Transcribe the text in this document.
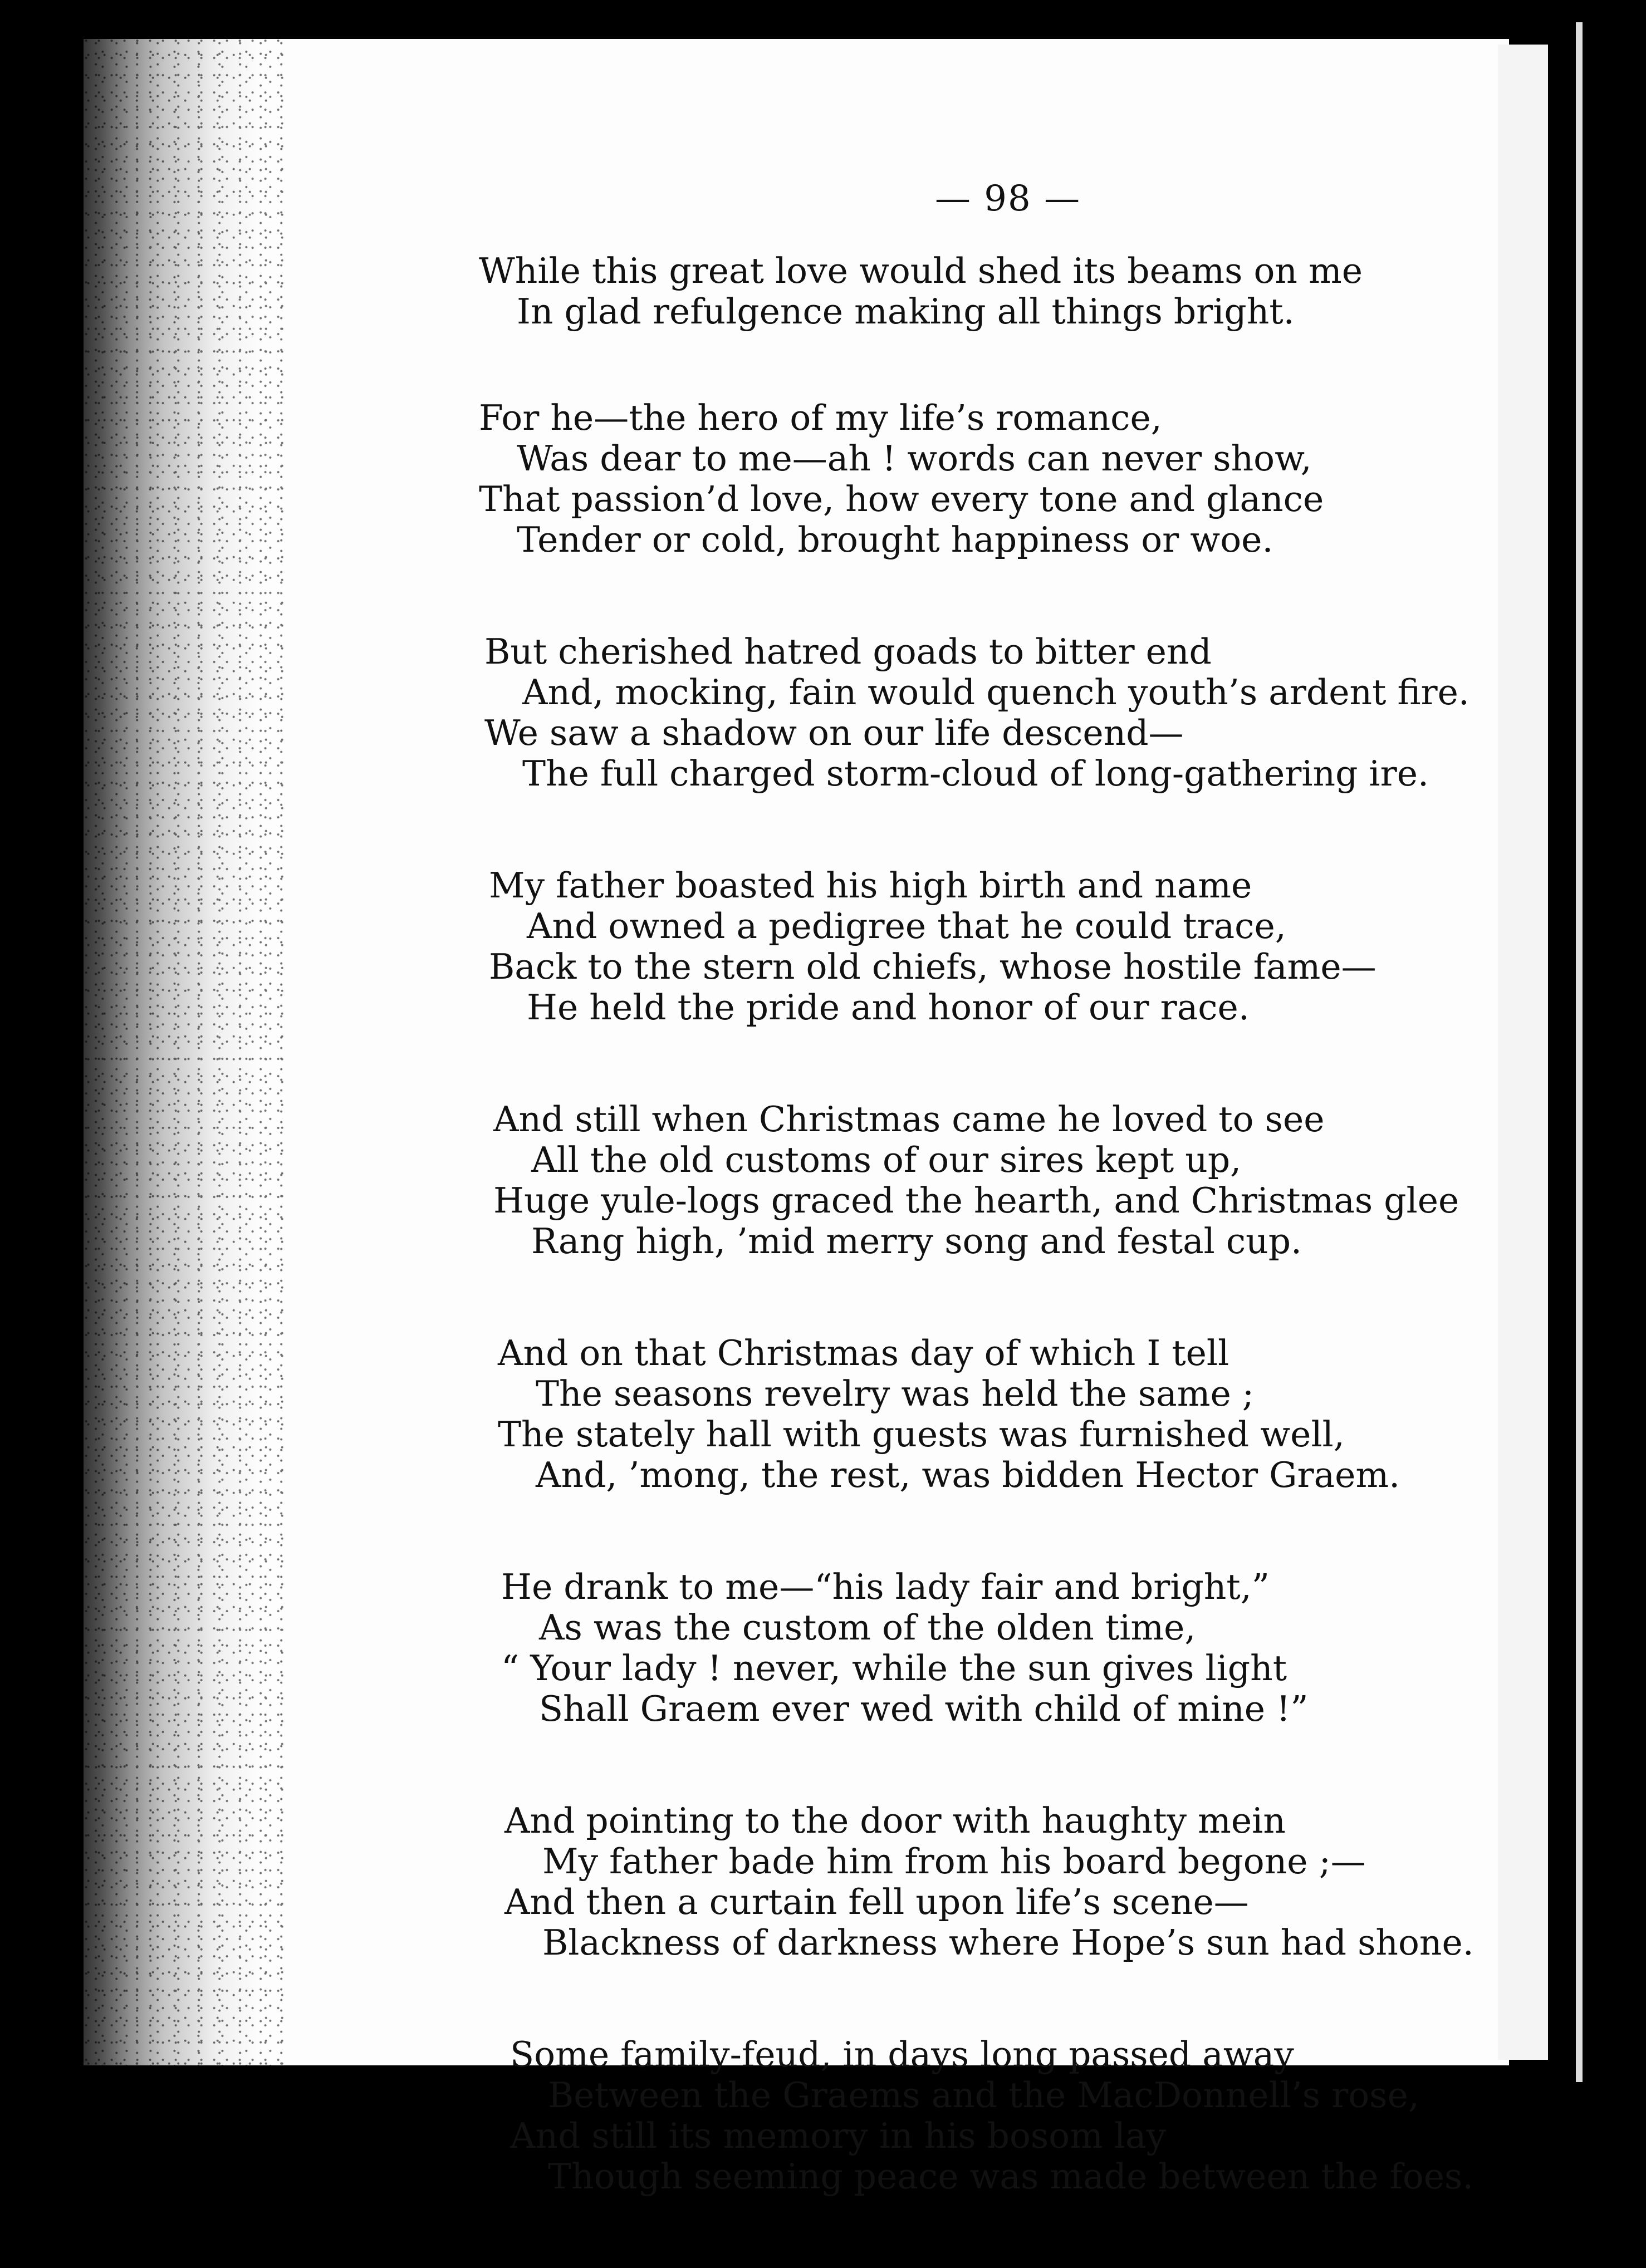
— 98 —
While this great love would shed its beams on me
In glad refulgence making all things bright.
For he—the hero of my life’s romance,
Was dear to me—ah ! words can never show,
That passion’d love, how every tone and glance
Tender or cold, brought happiness or woe.
But cherished hatred goads to bitter end
And, mocking, fain would quench youth’s ardent fire.
We saw a shadow on our life descend—
The full charged storm-cloud of long-gathering ire.
My father boasted his high birth and name
And owned a pedigree that he could trace,
Back to the stern old chiefs, whose hostile fame—
He held the pride and honor of our race.
And still when Christmas came he loved to see
All the old customs of our sires kept up,
Huge yule-logs graced the hearth, and Christmas glee
Rang high, ’mid merry song and festal cup.
And on that Christmas day of which I tell
The seasons revelry was held the same ;
The stately hall with guests was furnished well,
And, ’mong, the rest, was bidden Hector Graem.
He drank to me—“his lady fair and bright,”
As was the custom of the olden time,
“ Your lady ! never, while the sun gives light
Shall Graem ever wed with child of mine !”
And pointing to the door with haughty mein
My father bade him from his board begone ;—
And then a curtain fell upon life’s scene—
Blackness of darkness where Hope’s sun had shone.
Some family-feud, in days long passed away
Between the Graems and the MacDonnell’s rose,
And still its memory in his bosom lay
Though seeming peace was made between the foes.
